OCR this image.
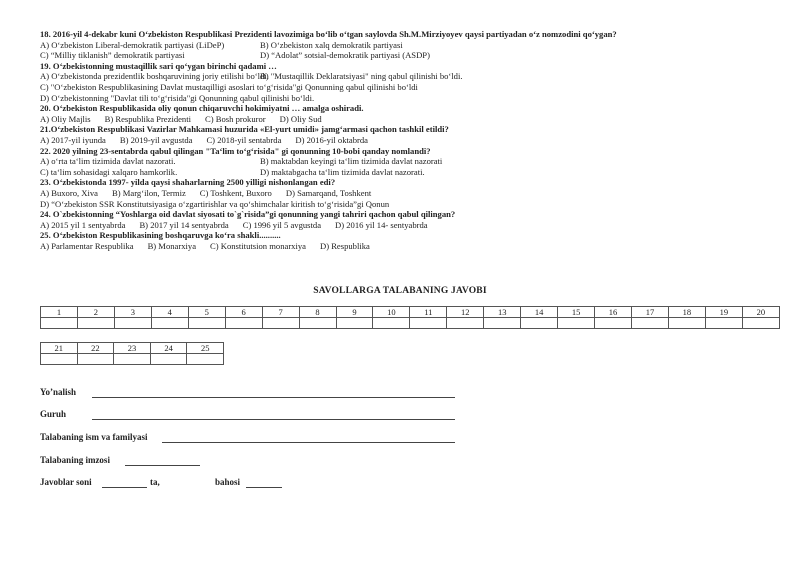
18. 2016-yil 4-dekabr kuni O‘zbekiston Respublikasi Prezidenti lavozimiga bo‘lib o‘tgan saylovda Sh.M.Mirziyoyev qaysi partiyadan o‘z nomzodini qo‘ygan?
A) O‘zbekiston Liberal-demokratik partiyasi (LiDeP)	B) O‘zbekiston xalq demokratik partiyasi
C) “Milliy tiklanish” demokratik partiyasi	D) “Adolat” sotsial-demokratik partiyasi (ASDP)
19. O‘zbekistonning mustaqillik sari qo‘ygan birinchi qadami …
A) O‘zbekistonda prezidentlik boshqaruvining joriy etilishi bo‘ldi.B) "Mustaqillik Deklaratsiyasi" ning qabul qilinishi bo‘ldi.
C) "O‘zbekiston Respublikasining Davlat mustaqilligi asoslari to‘g‘risida"gi Qonunning qabul qilinishi bo‘ldi
D) O‘zbekistonning "Davlat tili to‘g‘risida"gi Qonunning qabul qilinishi bo‘ldi.
20. O‘zbekiston Respublikasida oliy qonun chiqaruvchi hokimiyatni … amalga oshiradi.
A) Oliy Majlis B) Respublika Prezidenti C) Bosh prokuror D) Oliy Sud
21.O‘zbekiston Respublikasi Vazirlar Mahkamasi huzurida «El-yurt umidi» jamg‘armasi qachon tashkil etildi?
A) 2017-yil iyunda B) 2019-yil avgustda C) 2018-yil sentabrda D) 2016-yil oktabrda
22. 2020 yilning 23-sentabrda qabul qilingan "Ta‘lim to‘g‘risida" gi qonunning 10-bobi qanday nomlandi?
A) o‘rta ta‘lim tizimida davlat nazorati.	B) maktabdan keyingi ta‘lim tizimida davlat nazorati
C) ta‘lim sohasidagi xalqaro hamkorlik.	D) maktabgacha ta‘lim tizimida davlat nazorati.
23. O‘zbekistonda 1997- yilda qaysi shaharlarning 2500 yilligi nishonlangan edi?
A) Buxoro, Xiva B) Marg‘ilon, Termiz C) Toshkent, Buxoro D) Samarqand, Toshkent
D) “O‘zbekiston SSR Konstitutsiyasiga o‘zgartirishlar va qo‘shimchalar kiritish to‘g‘risida”gi Qonun
24. O`zbekistonning “Yoshlarga oid davlat siyosati to`g`risida”gi qonunning yangi tahriri qachon qabul qilingan?
A) 2015 yil 1 sentyabrda B) 2017 yil 14 sentyabrda C) 1996 yil 5 avgustda D) 2016 yil 14- sentyabrda
25. O‘zbekiston Respublikasining boshqaruvga ko‘ra shakli..........
A) Parlamentar Respublika B) Monarxiya C) Konstitutsion monarxiya D) Respublika
SAVOLLARGA TALABANING JAVOBI
1	2	3	4	5	6	7	8	9	10	11	12	13	14	15	16	17	18	19	20

21	22	23	24	25

Yo’nalish
Guruh
Talabaning ism va familyasi
Talabaning imzosi
Javoblar soni	ta,	bahosi
